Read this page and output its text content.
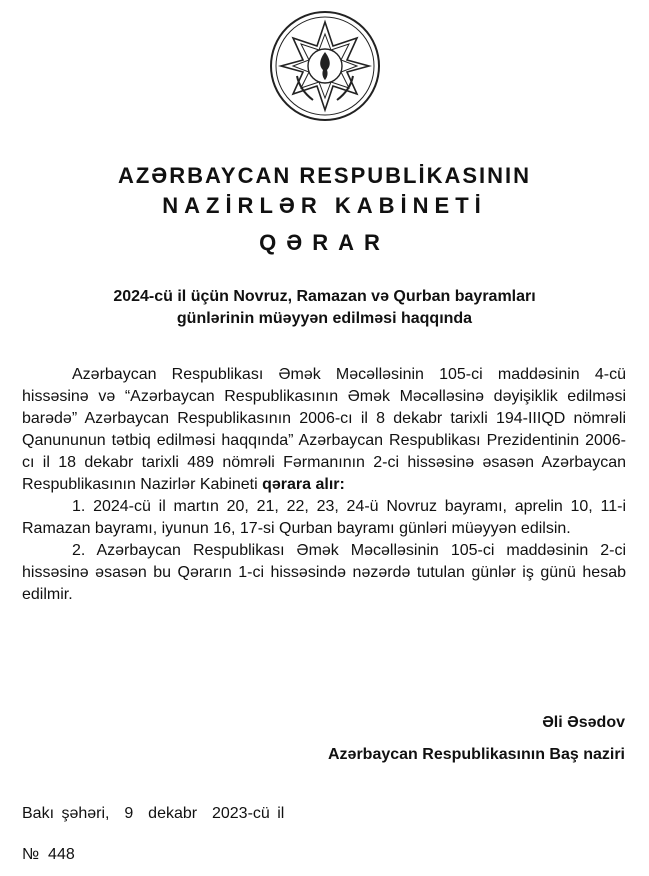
AZƏRBAYCAN RESPUBLİKASININ
NAZİRLƏR KABİNETİ
QƏRAR
2024-cü il üçün Novruz, Ramazan və Qurban bayramları
günlərinin müəyyən edilməsi haqqında

Azərbaycan Respublikası Əmək Məcəlləsinin 105-ci maddəsinin 4-cü hissəsinə və “Azərbaycan Respublikasının Əmək Məcəlləsinə dəyişiklik edilməsi barədə” Azərbaycan Respublikasının 2006-cı il 8 dekabr tarixli 194-IIIQD nömrəli Qanununun tətbiq edilməsi haqqında” Azərbaycan Respublikası Prezidentinin 2006-cı il 18 dekabr tarixli 489 nömrəli Fərmanının 2-ci hissəsinə əsasən Azərbaycan Respublikasının Nazirlər Kabineti qərara alır:

1. 2024-cü il martın 20, 21, 22, 23, 24-ü Novruz bayramı, aprelin 10, 11-i Ramazan bayramı, iyunun 16, 17-si Qurban bayramı günləri müəyyən edilsin.

2. Azərbaycan Respublikası Əmək Məcəlləsinin 105-ci maddəsinin 2-ci hissəsinə əsasən bu Qərarın 1-ci hissəsində nəzərdə tutulan günlər iş günü hesab edilmir.

Əli Əsədov
Azərbaycan Respublikasının Baş naziri
Bakı şəhəri,  9  dekabr  2023-cü il
№  448
